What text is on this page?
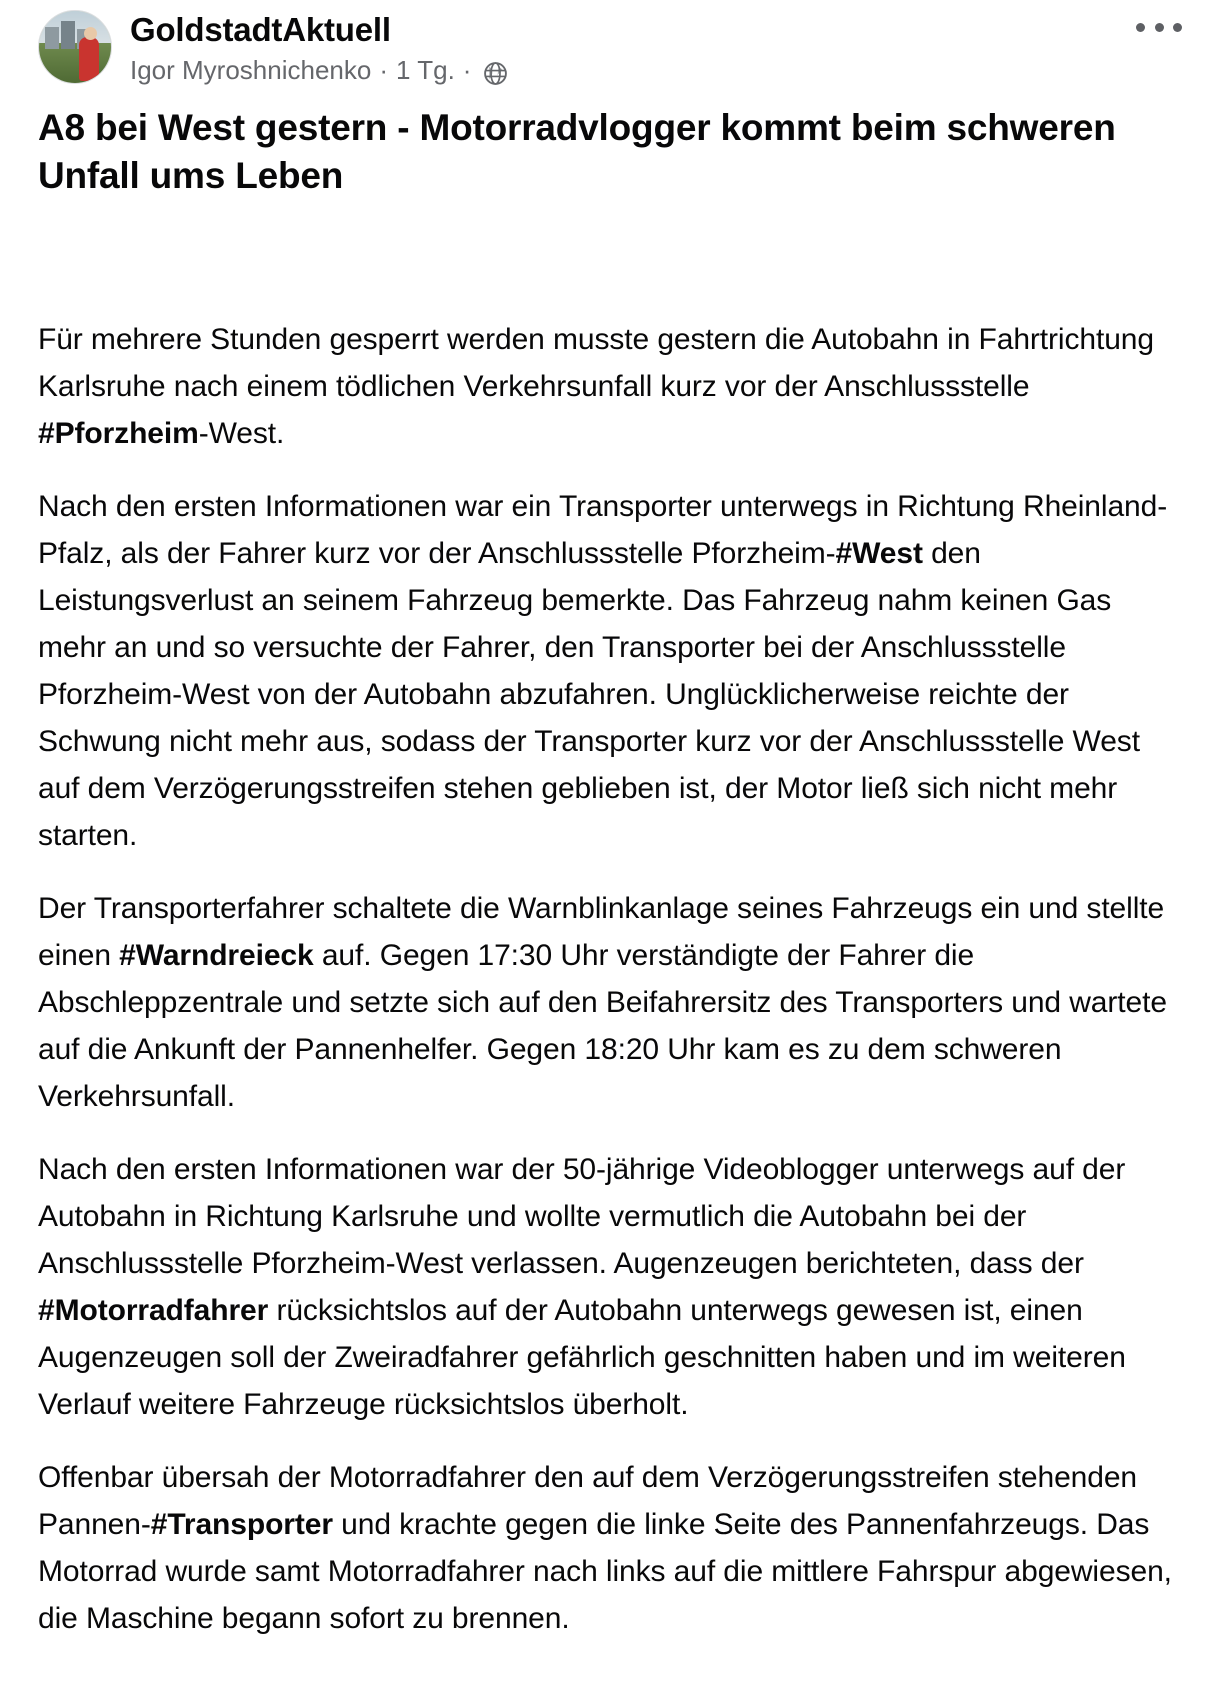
GoldstadtAktuell
Igor Myroshnichenko · 1 Tg. ·
A8 bei West gestern - Motorradvlogger kommt beim schweren Unfall ums Leben

Für mehrere Stunden gesperrt werden musste gestern die Autobahn in Fahrtrichtung Karlsruhe nach einem tödlichen Verkehrsunfall kurz vor der Anschlussstelle #Pforzheim-West.

Nach den ersten Informationen war ein Transporter unterwegs in Richtung Rheinland-Pfalz, als der Fahrer kurz vor der Anschlussstelle Pforzheim-#West den Leistungsverlust an seinem Fahrzeug bemerkte. Das Fahrzeug nahm keinen Gas mehr an und so versuchte der Fahrer, den Transporter bei der Anschlussstelle Pforzheim-West von der Autobahn abzufahren. Unglücklicherweise reichte der Schwung nicht mehr aus, sodass der Transporter kurz vor der Anschlussstelle West auf dem Verzögerungsstreifen stehen geblieben ist, der Motor ließ sich nicht mehr starten.

Der Transporterfahrer schaltete die Warnblinkanlage seines Fahrzeugs ein und stellte einen #Warndreieck auf. Gegen 17:30 Uhr verständigte der Fahrer die Abschleppzentrale und setzte sich auf den Beifahrersitz des Transporters und wartete auf die Ankunft der Pannenhelfer. Gegen 18:20 Uhr kam es zu dem schweren Verkehrsunfall.

Nach den ersten Informationen war der 50-jährige Videoblogger unterwegs auf der Autobahn in Richtung Karlsruhe und wollte vermutlich die Autobahn bei der Anschlussstelle Pforzheim-West verlassen. Augenzeugen berichteten, dass der #Motorradfahrer rücksichtslos auf der Autobahn unterwegs gewesen ist, einen Augenzeugen soll der Zweiradfahrer gefährlich geschnitten haben und im weiteren Verlauf weitere Fahrzeuge rücksichtslos überholt.

Offenbar übersah der Motorradfahrer den auf dem Verzögerungsstreifen stehenden Pannen-#Transporter und krachte gegen die linke Seite des Pannenfahrzeugs. Das Motorrad wurde samt Motorradfahrer nach links auf die mittlere Fahrspur abgewiesen, die Maschine begann sofort zu brennen.
